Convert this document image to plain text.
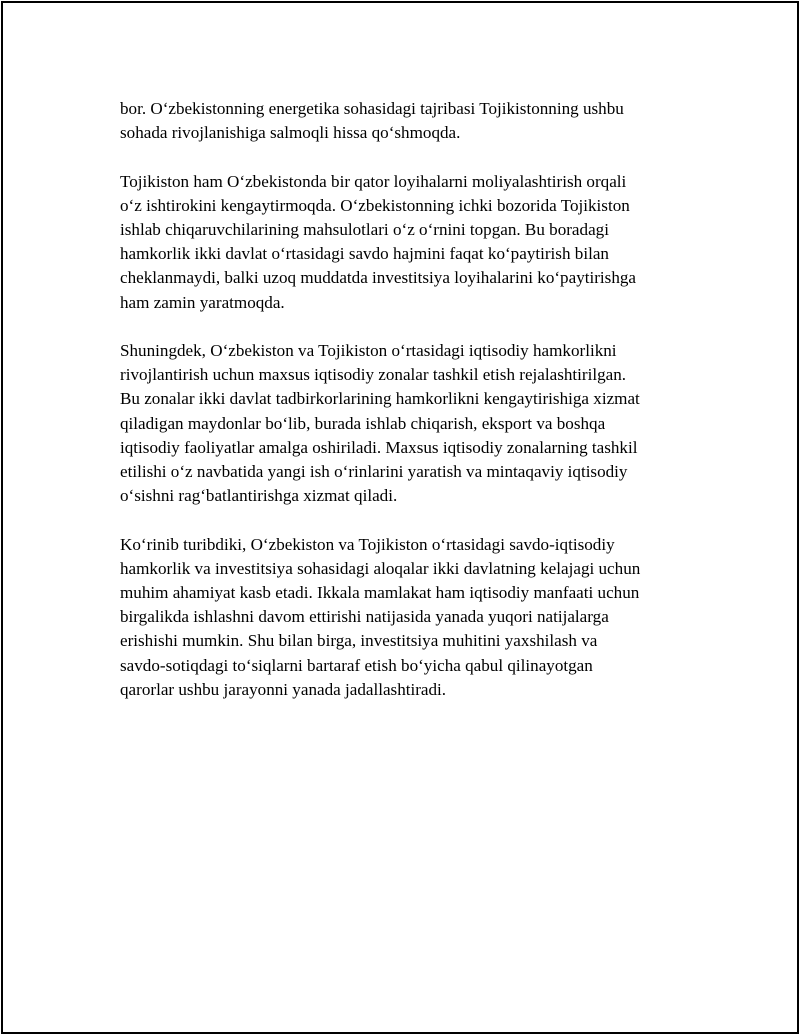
bor. O‘zbekistonning energetika sohasidagi tajribasi Tojikistonning ushbu
sohada rivojlanishiga salmoqli hissa qo‘shmoqda.

Tojikiston ham O‘zbekistonda bir qator loyihalarni moliyalashtirish orqali
o‘z ishtirokini kengaytirmoqda. O‘zbekistonning ichki bozorida Tojikiston
ishlab chiqaruvchilarining mahsulotlari o‘z o‘rnini topgan. Bu boradagi
hamkorlik ikki davlat o‘rtasidagi savdo hajmini faqat ko‘paytirish bilan
cheklanmaydi, balki uzoq muddatda investitsiya loyihalarini ko‘paytirishga
ham zamin yaratmoqda.

Shuningdek, O‘zbekiston va Tojikiston o‘rtasidagi iqtisodiy hamkorlikni
rivojlantirish uchun maxsus iqtisodiy zonalar tashkil etish rejalashtirilgan.
Bu zonalar ikki davlat tadbirkorlarining hamkorlikni kengaytirishiga xizmat
qiladigan maydonlar bo‘lib, burada ishlab chiqarish, eksport va boshqa
iqtisodiy faoliyatlar amalga oshiriladi. Maxsus iqtisodiy zonalarning tashkil
etilishi o‘z navbatida yangi ish o‘rinlarini yaratish va mintaqaviy iqtisodiy
o‘sishni rag‘batlantirishga xizmat qiladi.

Ko‘rinib turibdiki, O‘zbekiston va Tojikiston o‘rtasidagi savdo-iqtisodiy
hamkorlik va investitsiya sohasidagi aloqalar ikki davlatning kelajagi uchun
muhim ahamiyat kasb etadi. Ikkala mamlakat ham iqtisodiy manfaati uchun
birgalikda ishlashni davom ettirishi natijasida yanada yuqori natijalarga
erishishi mumkin. Shu bilan birga, investitsiya muhitini yaxshilash va
savdo-sotiqdagi to‘siqlarni bartaraf etish bo‘yicha qabul qilinayotgan
qarorlar ushbu jarayonni yanada jadallashtiradi.
